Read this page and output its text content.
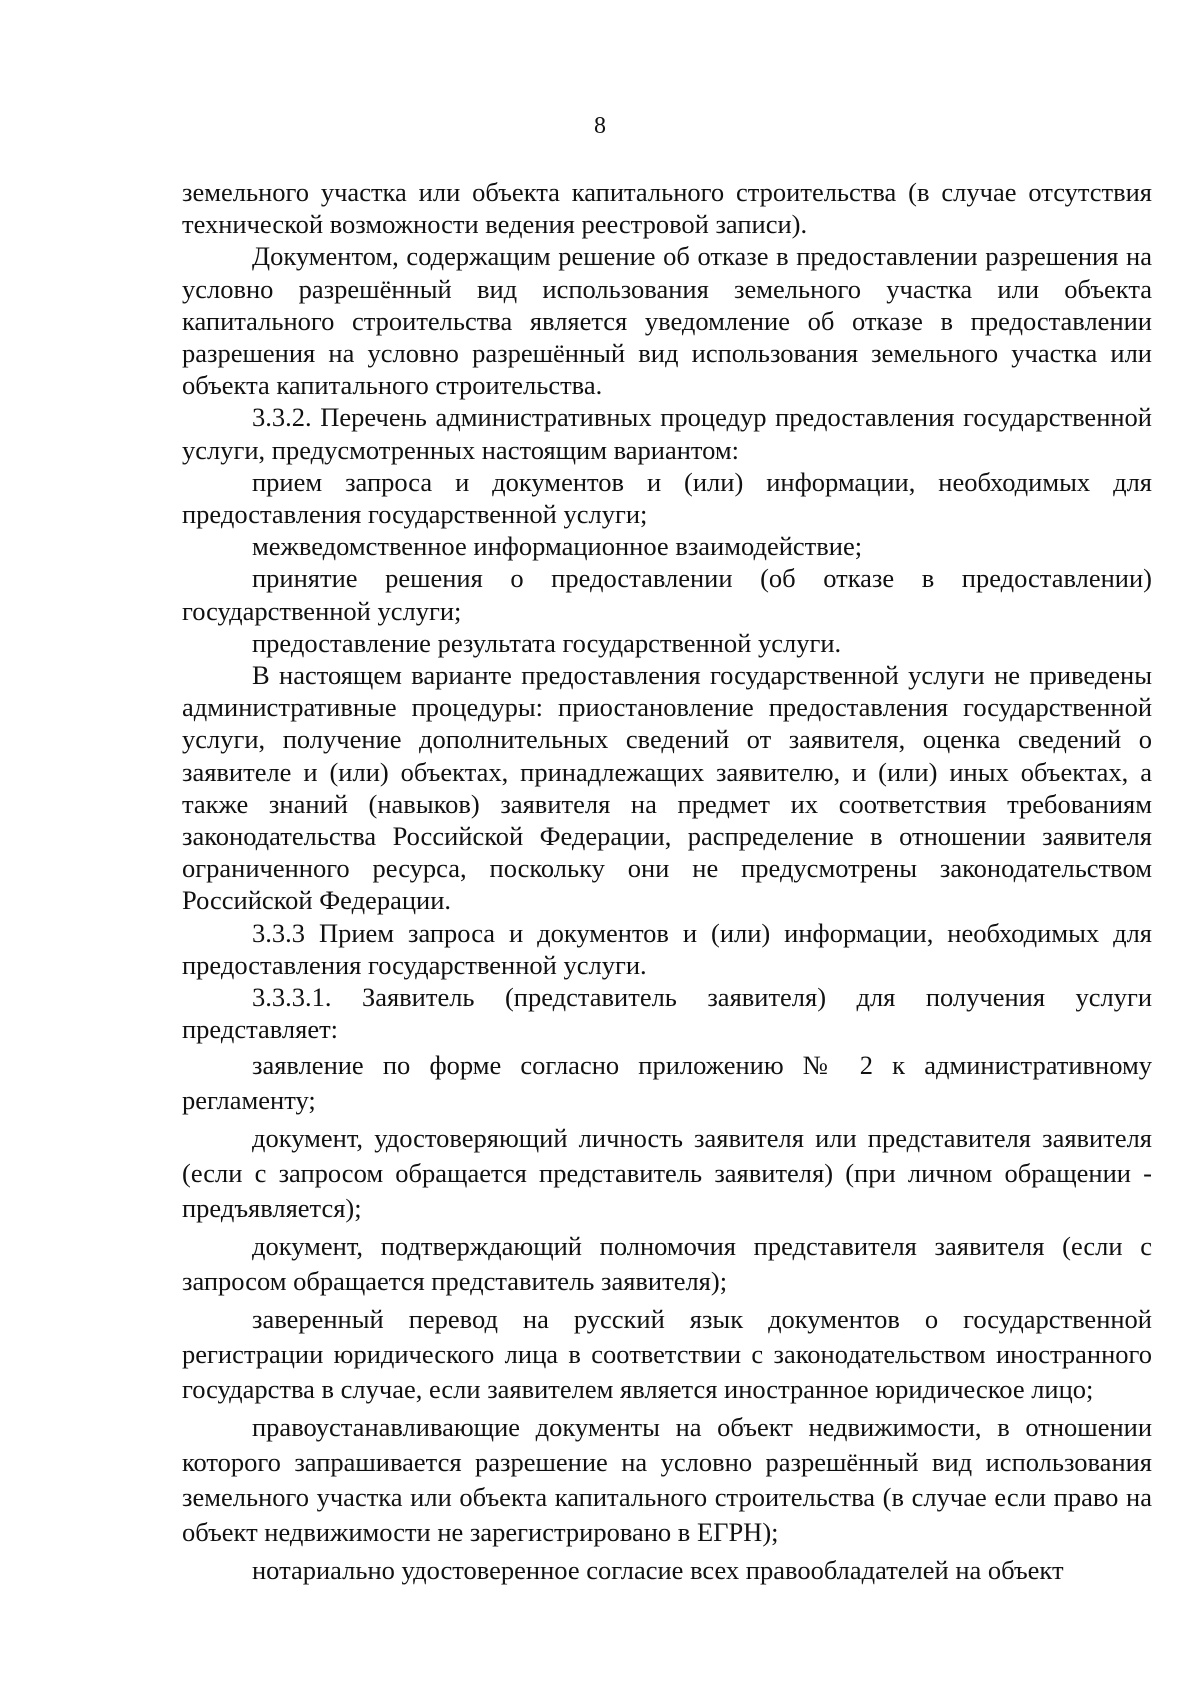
8

земельного участка или объекта капитального строительства (в случае отсутствия технической возможности ведения реестровой записи).

Документом, содержащим решение об отказе в предоставлении разрешения на условно разрешённый вид использования земельного участка или объекта капитального строительства является уведомление об отказе в предоставлении разрешения на условно разрешённый вид использования земельного участка или объекта капитального строительства.

3.3.2. Перечень административных процедур предоставления государственной услуги, предусмотренных настоящим вариантом:

прием запроса и документов и (или) информации, необходимых для предоставления государственной услуги;

межведомственное информационное взаимодействие;

принятие решения о предоставлении (об отказе в предоставлении) государственной услуги;

предоставление результата государственной услуги.

В настоящем варианте предоставления государственной услуги не приведены административные процедуры: приостановление предоставления государственной услуги, получение дополнительных сведений от заявителя, оценка сведений о заявителе и (или) объектах, принадлежащих заявителю, и (или) иных объектах, а также знаний (навыков) заявителя на предмет их соответствия требованиям законодательства Российской Федерации, распределение в отношении заявителя ограниченного ресурса, поскольку они не предусмотрены законодательством Российской Федерации.

3.3.3 Прием запроса и документов и (или) информации, необходимых для предоставления государственной услуги.

3.3.3.1. Заявитель (представитель заявителя) для получения услуги представляет:

заявление по форме согласно приложению № 2 к административному регламенту;

документ, удостоверяющий личность заявителя или представителя заявителя (если с запросом обращается представитель заявителя) (при личном обращении - предъявляется);

документ, подтверждающий полномочия представителя заявителя (если с запросом обращается представитель заявителя);

заверенный перевод на русский язык документов о государственной регистрации юридического лица в соответствии с законодательством иностранного государства в случае, если заявителем является иностранное юридическое лицо;

правоустанавливающие документы на объект недвижимости, в отношении которого запрашивается разрешение на условно разрешённый вид использования земельного участка или объекта капитального строительства (в случае если право на объект недвижимости не зарегистрировано в ЕГРН);

нотариально удостоверенное согласие всех правообладателей на объект
